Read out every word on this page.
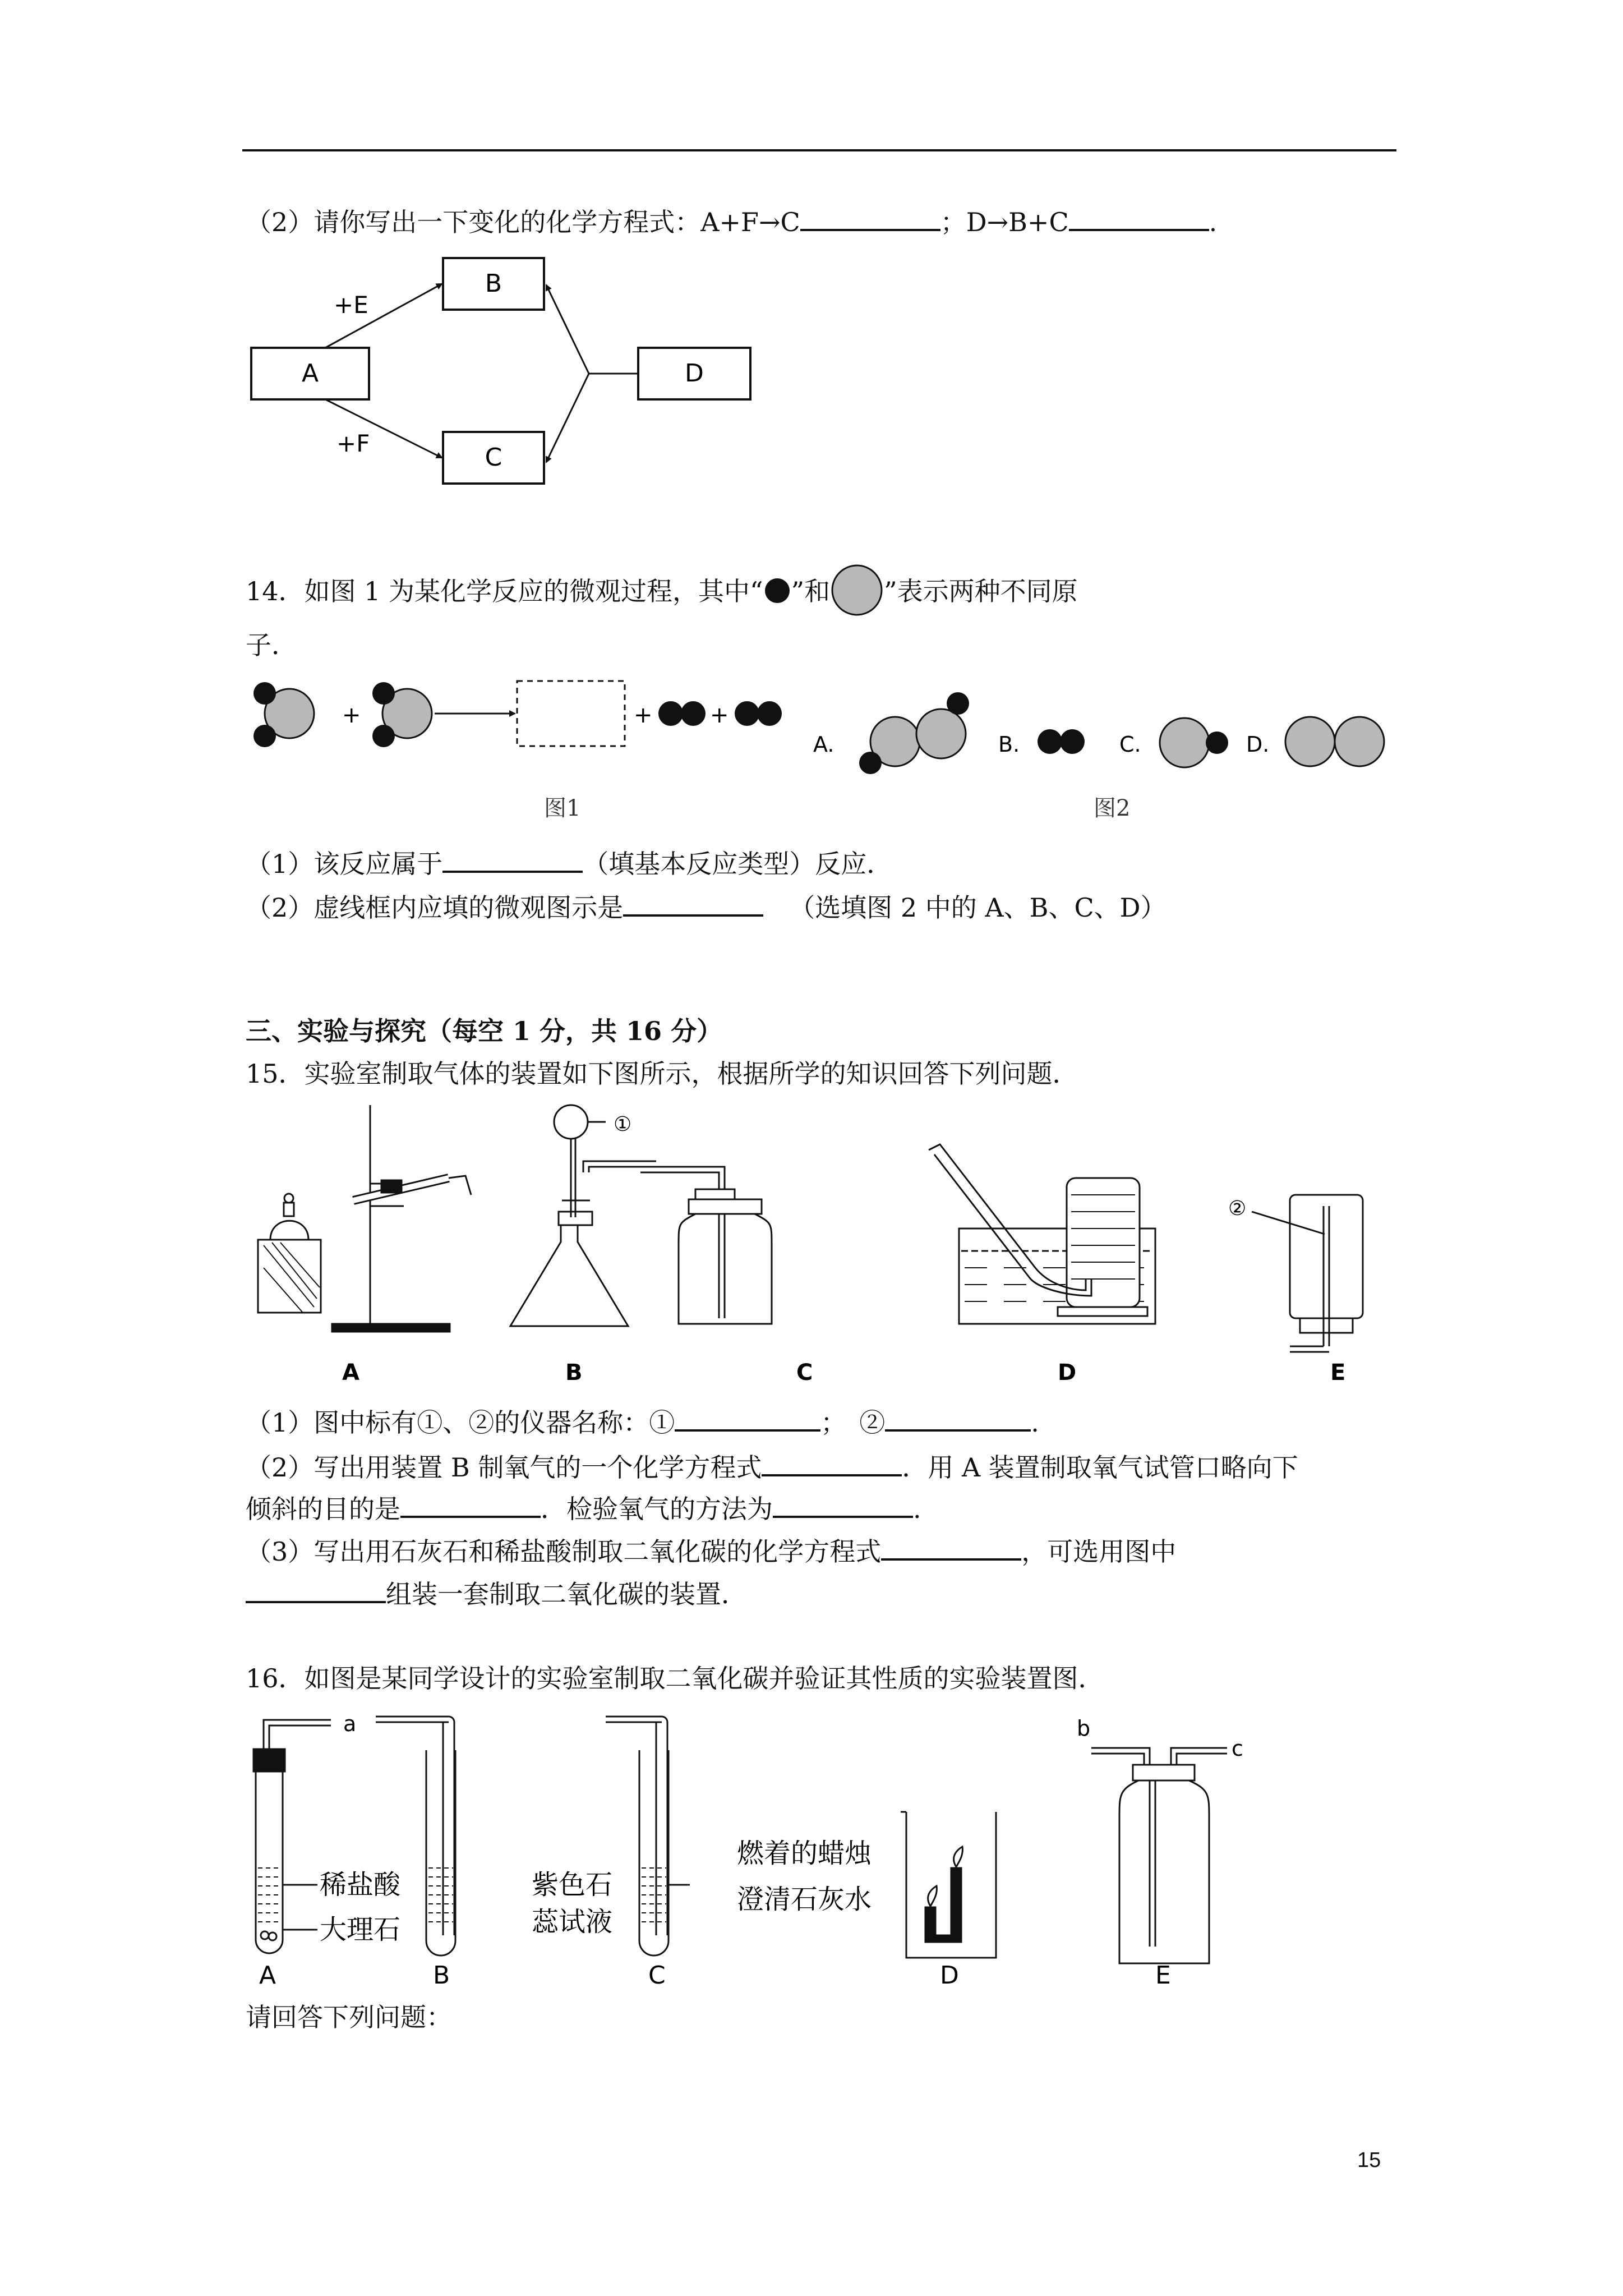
（2）请你写出一下变化的化学方程式：A+F→C	；D→B+C	.
A
B
C
D
+E
+F
14．如图 1 为某化学反应的微观过程，其中“ ”和 ”表示两种不同原
子．
+	+	+
图1
A.	B.	C.	D.
图2
（1）该反应属于	（填基本反应类型）反应．
（2）虚线框内应填的微观图示是	（选填图 2 中的 A、B、C、D）
三、实验与探究（每空 1 分，共 16 分）
15．实验室制取气体的装置如下图所示，根据所学的知识回答下列问题．
A
①
B	C	D
②
E
（1）图中标有①、②的仪器名称：①	；　②	.
（2）写出用装置 B 制氧气的一个化学方程式	．用 A 装置制取氧气试管口略向下
倾斜的目的是	．检验氧气的方法为	.
（3）写出用石灰石和稀盐酸制取二氧化碳的化学方程式	，可选用图中
组装一套制取二氧化碳的装置．
16．如图是某同学设计的实验室制取二氧化碳并验证其性质的实验装置图．
a
稀盐酸
大理石
A
紫色石
蕊试液
B	C
燃着的蜡烛
澄清石灰水
D
b
c
E
请回答下列问题：
15
